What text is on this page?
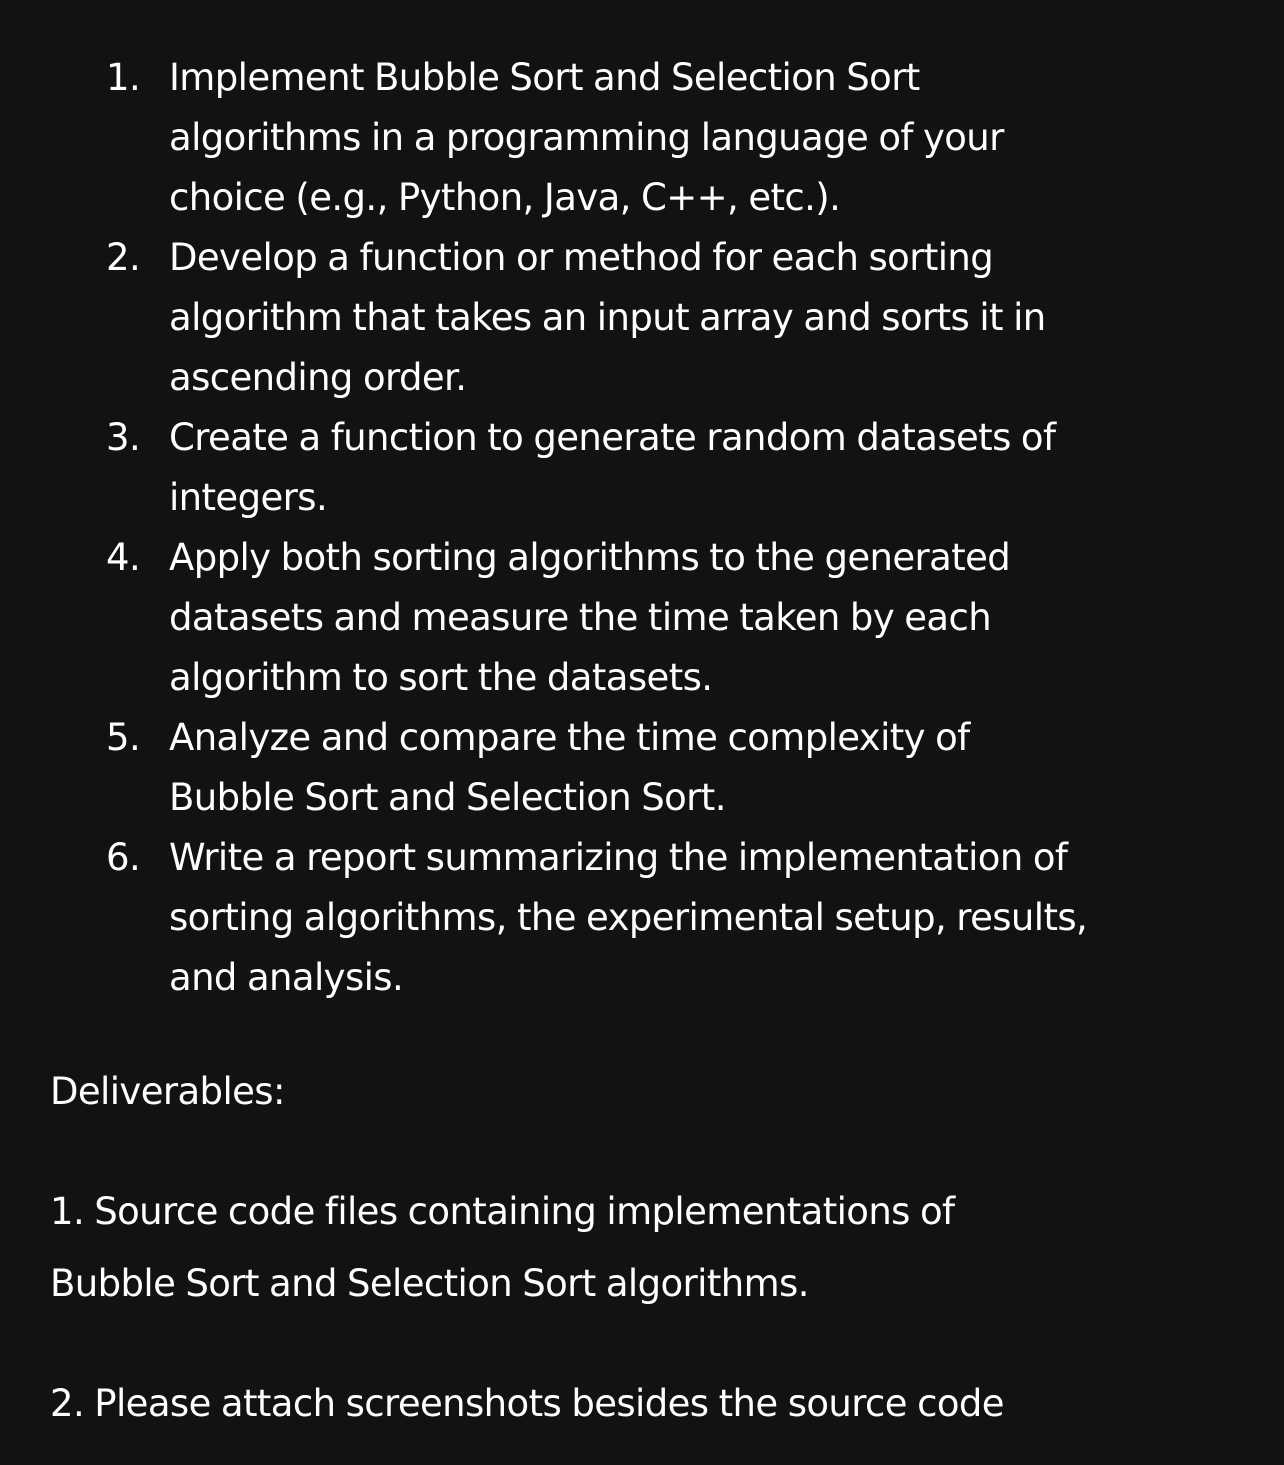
1. Implement Bubble Sort and Selection Sort
algorithms in a programming language of your
choice (e.g., Python, Java, C++, etc.).
2. Develop a function or method for each sorting
algorithm that takes an input array and sorts it in
ascending order.
3. Create a function to generate random datasets of
integers.
4. Apply both sorting algorithms to the generated
datasets and measure the time taken by each
algorithm to sort the datasets.
5. Analyze and compare the time complexity of
Bubble Sort and Selection Sort.
6. Write a report summarizing the implementation of
sorting algorithms, the experimental setup, results,
and analysis.
Deliverables:

1. Source code files containing implementations of
Bubble Sort and Selection Sort algorithms.

2. Please attach screenshots besides the source code
